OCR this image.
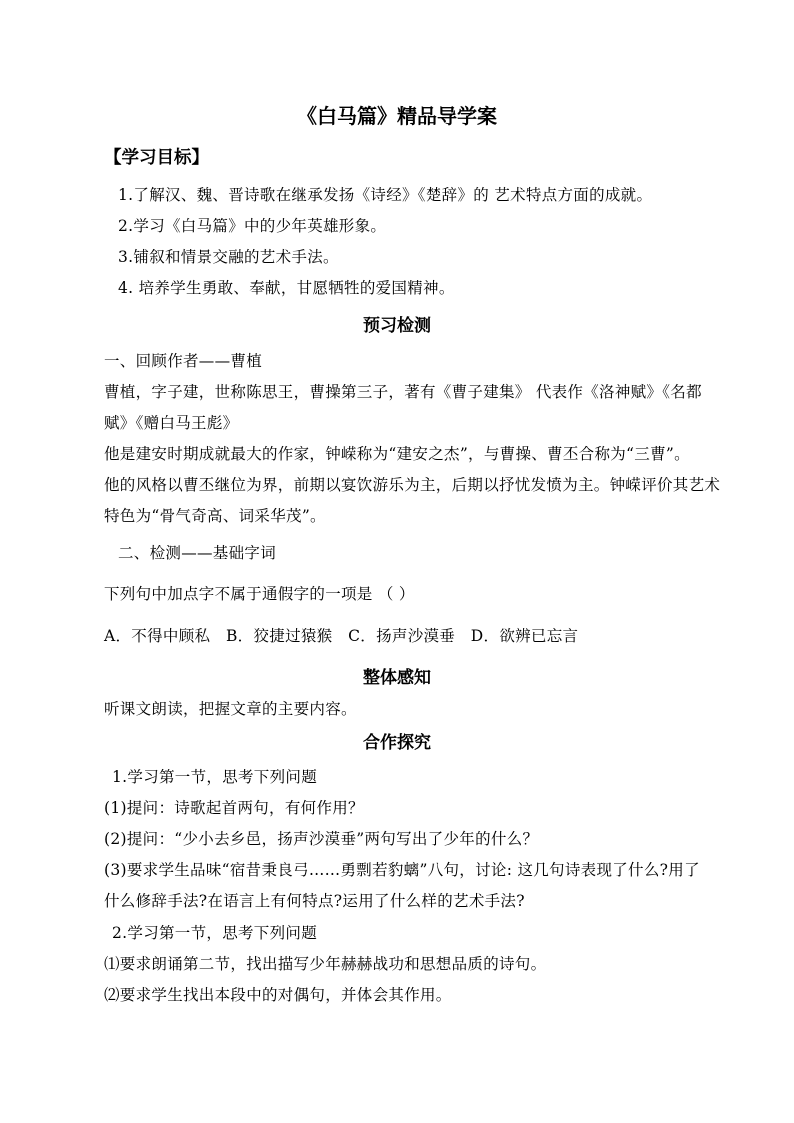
《白马篇》精品导学案
【学习目标】
1.了解汉、魏、晋诗歌在继承发扬《诗经》《楚辞》的 艺术特点方面的成就。
2.学习《白马篇》中的少年英雄形象。
3.铺叙和情景交融的艺术手法。
4. 培养学生勇敢、奉献，甘愿牺牲的爱国精神。
预习检测
一、回顾作者——曹植
曹植，字子建，世称陈思王，曹操第三子，著有《曹子建集》 代表作《洛神赋》《名都
赋》《赠白马王彪》
他是建安时期成就最大的作家，钟嵘称为“建安之杰”，与曹操、曹丕合称为“三曹”。
他的风格以曹丕继位为界，前期以宴饮游乐为主，后期以抒忧发愤为主。钟嵘评价其艺术
特色为“骨气奇高、词采华茂”。
二、检测——基础字词
下列句中加点字不属于通假字的一项是 （ ）
A．不得中顾私   B．狡捷过猿猴   C．扬声沙漠垂   D．欲辨已忘言
整体感知
听课文朗读，把握文章的主要内容。
合作探究
1.学习第一节，思考下列问题
(1)提问：诗歌起首两句，有何作用？
(2)提问：“少小去乡邑，扬声沙漠垂”两句写出了少年的什么？
(3)要求学生品味“宿昔秉良弓……勇剽若豹螭”八句，讨论: 这几句诗表现了什么?用了
什么修辞手法?在语言上有何特点?运用了什么样的艺术手法?
2.学习第一节，思考下列问题
⑴要求朗诵第二节，找出描写少年赫赫战功和思想品质的诗句。
⑵要求学生找出本段中的对偶句，并体会其作用。
